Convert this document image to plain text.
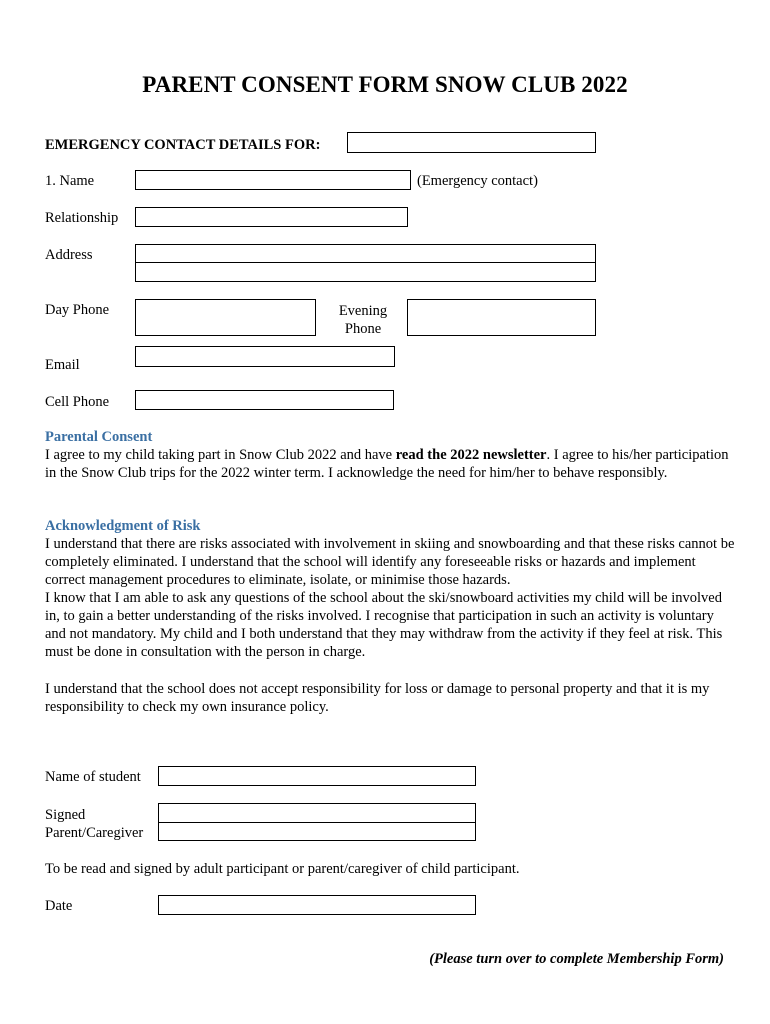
PARENT CONSENT FORM SNOW CLUB 2022
EMERGENCY CONTACT DETAILS FOR:
1. Name	(Emergency contact)
Relationship
Address
Day Phone	Evening
Phone
Email
Cell Phone
Parental Consent

I agree to my child taking part in Snow Club 2022 and have read the 2022 newsletter. I agree to his/her participation in the Snow Club trips for the 2022 winter term. I acknowledge the need for him/her to behave responsibly.

Acknowledgment of Risk

I understand that there are risks associated with involvement in skiing and snowboarding and that these risks cannot be completely eliminated. I understand that the school will identify any foreseeable risks or hazards and implement correct management procedures to eliminate, isolate, or minimise those hazards.

I know that I am able to ask any questions of the school about the ski/snowboard activities my child will be involved in, to gain a better understanding of the risks involved. I recognise that participation in such an activity is voluntary and not mandatory. My child and I both understand that they may withdraw from the activity if they feel at risk. This must be done in consultation with the person in charge.

I understand that the school does not accept responsibility for loss or damage to personal property and that it is my responsibility to check my own insurance policy.
Name of student
Signed
Parent/Caregiver
To be read and signed by adult participant or parent/caregiver of child participant.
Date
(Please turn over to complete Membership Form)
